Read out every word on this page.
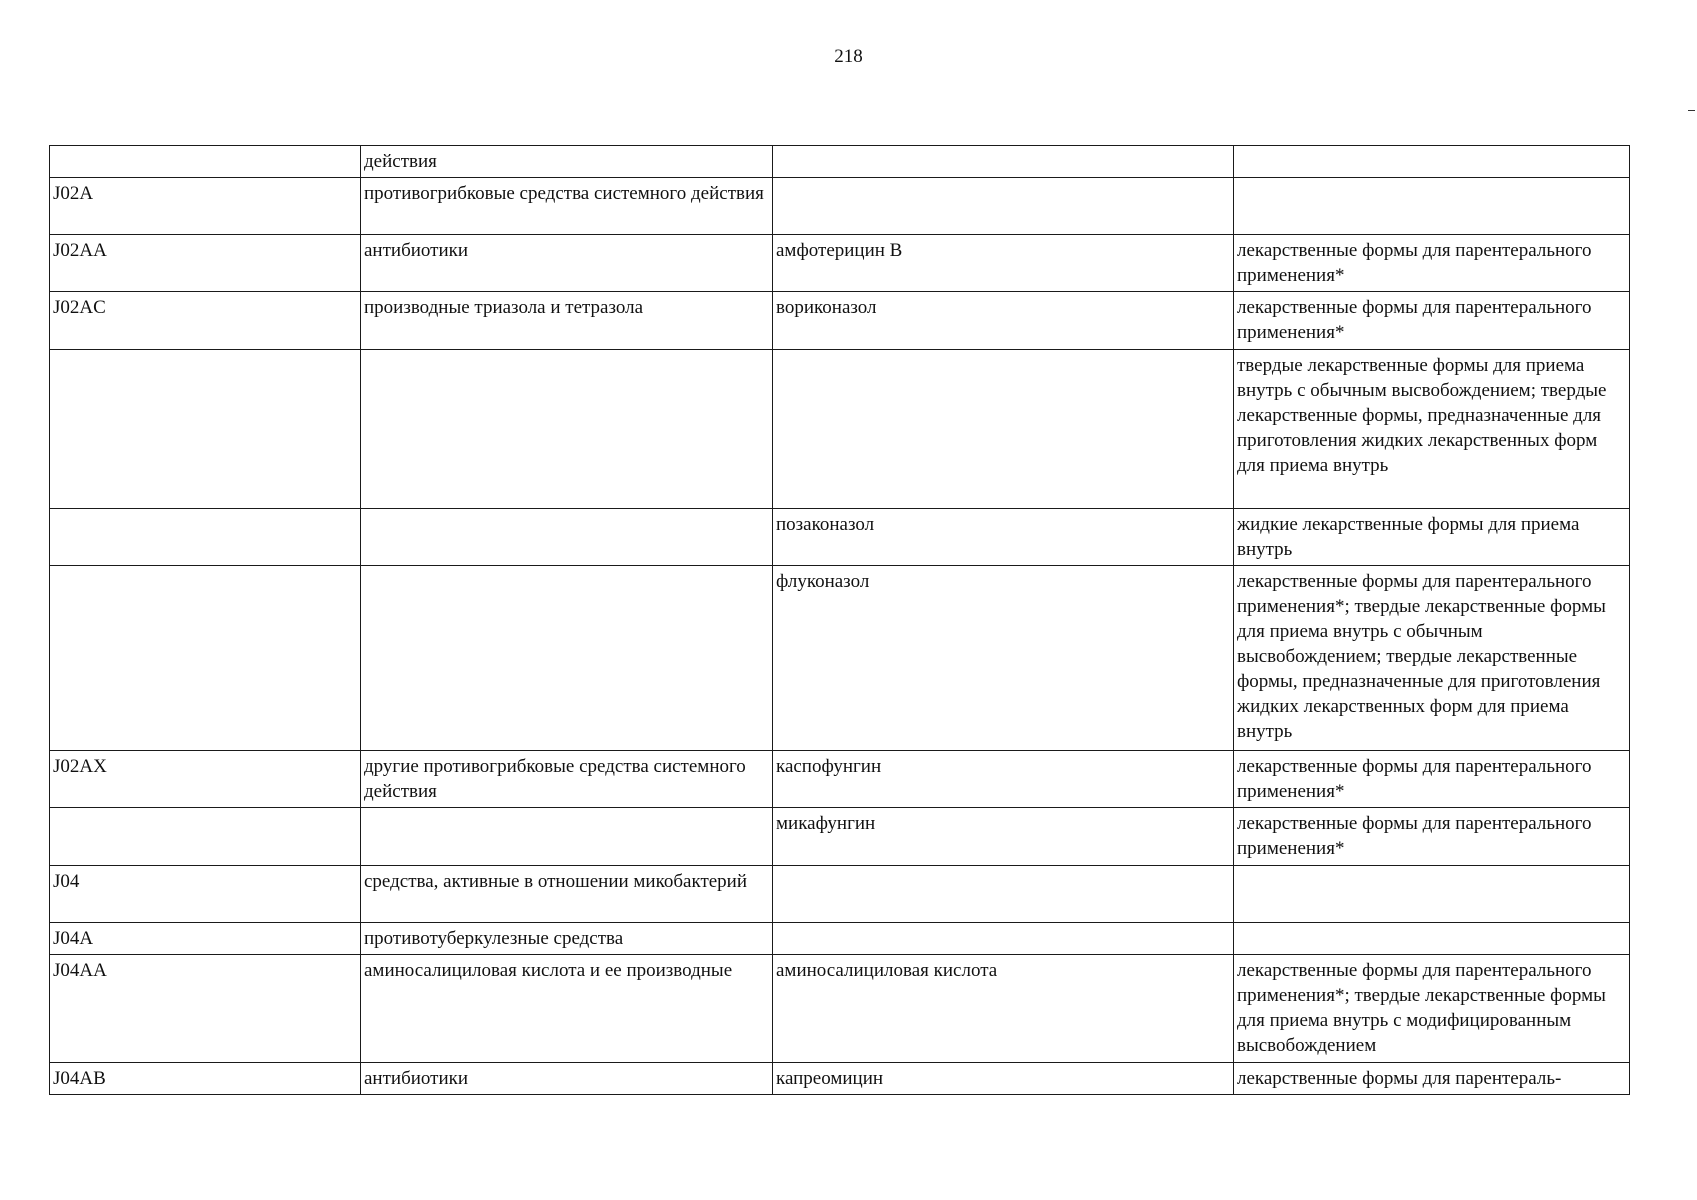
218
	действия		
J02A	противогрибковые средства системного действия		
J02AA	антибиотики	амфотерицин B	лекарственные формы для парентерального применения*
J02AC	производные триазола и тетразола	вориконазол	лекарственные формы для парентерального применения*
			твердые лекарственные формы для приема внутрь с обычным высвобождением; твердые лекарственные формы, предназначенные для приготовления жидких лекарственных форм для приема внутрь
		позаконазол	жидкие лекарственные формы для приема внутрь
		флуконазол	лекарственные формы для парентерального применения*; твердые лекарственные формы для приема внутрь с обычным высвобождением; твердые лекарственные формы, предназначенные для приготовления жидких лекарственных форм для приема внутрь
J02AX	другие противогрибковые средства системного действия	каспофунгин	лекарственные формы для парентерального применения*
		микафунгин	лекарственные формы для парентерального применения*
J04	средства, активные в отношении микобактерий		
J04A	противотуберкулезные средства		
J04AA	аминосалициловая кислота и ее производные	аминосалициловая кислота	лекарственные формы для парентерального применения*; твердые лекарственные формы для приема внутрь с модифицированным высвобождением
J04AB	антибиотики	капреомицин	лекарственные формы для парентераль-
